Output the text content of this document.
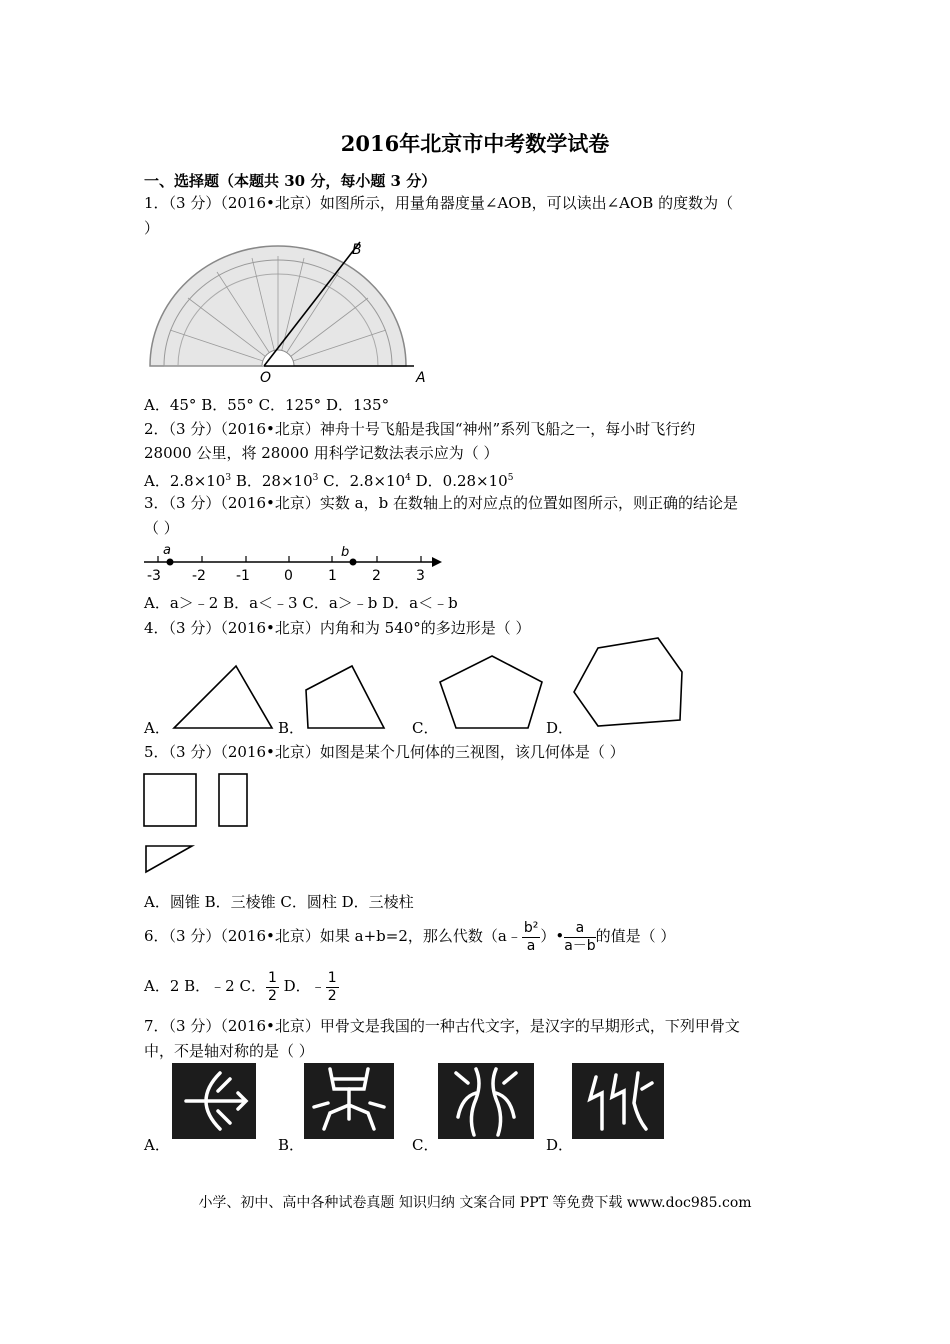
2016年北京市中考数学试卷
一、选择题（本题共 30 分，每小题 3 分）
1．（3 分）（2016•北京）如图所示，用量角器度量∠AOB，可以读出∠AOB 的度数为（
）
B
O	A
A．45° B．55° C．125° D．135°
2．（3 分）（2016•北京）神舟十号飞船是我国“神州”系列飞船之一，每小时飞行约
28000 公里，将 28000 用科学记数法表示应为（ ）
A．$2.8\times 10^3$ B．$28\times 10^3$ C．$2.8\times 10^4$ D．$0.28\times 10^5$
3．（3 分）（2016•北京）实数 a，b 在数轴上的对应点的位置如图所示，则正确的结论是
（ ）
a	b
-3 -2 -1 0	1	2	3
A．a＞﹣2 B．a＜﹣3 C．a＞﹣b D．a＜﹣b
4．（3 分）（2016•北京）内角和为 540°的多边形是（ ）
A．	B．	C．	D．
5．（3 分）（2016•北京）如图是某个几何体的三视图，该几何体是（ ）
A．圆锥 B．三棱锥 C．圆柱 D．三棱柱
6．（3 分）（2016•北京）如果 a+b=2，那么代数（a﹣ $\frac{\text{b²}}{a}$ ）• $\frac{a}{a-b}$ 的值是（ ）
A．2 B．﹣2 C． $\frac{1}{2}$ D．﹣ $\frac{1}{2}$
7．（3 分）（2016•北京）甲骨文是我国的一种古代文字，是汉字的早期形式，下列甲骨文
中，不是轴对称的是（ ）
A．	B．	C．	D．
小学、初中、高中各种试卷真题 知识归纳 文案合同 PPT 等免费下载 www.doc985.com
